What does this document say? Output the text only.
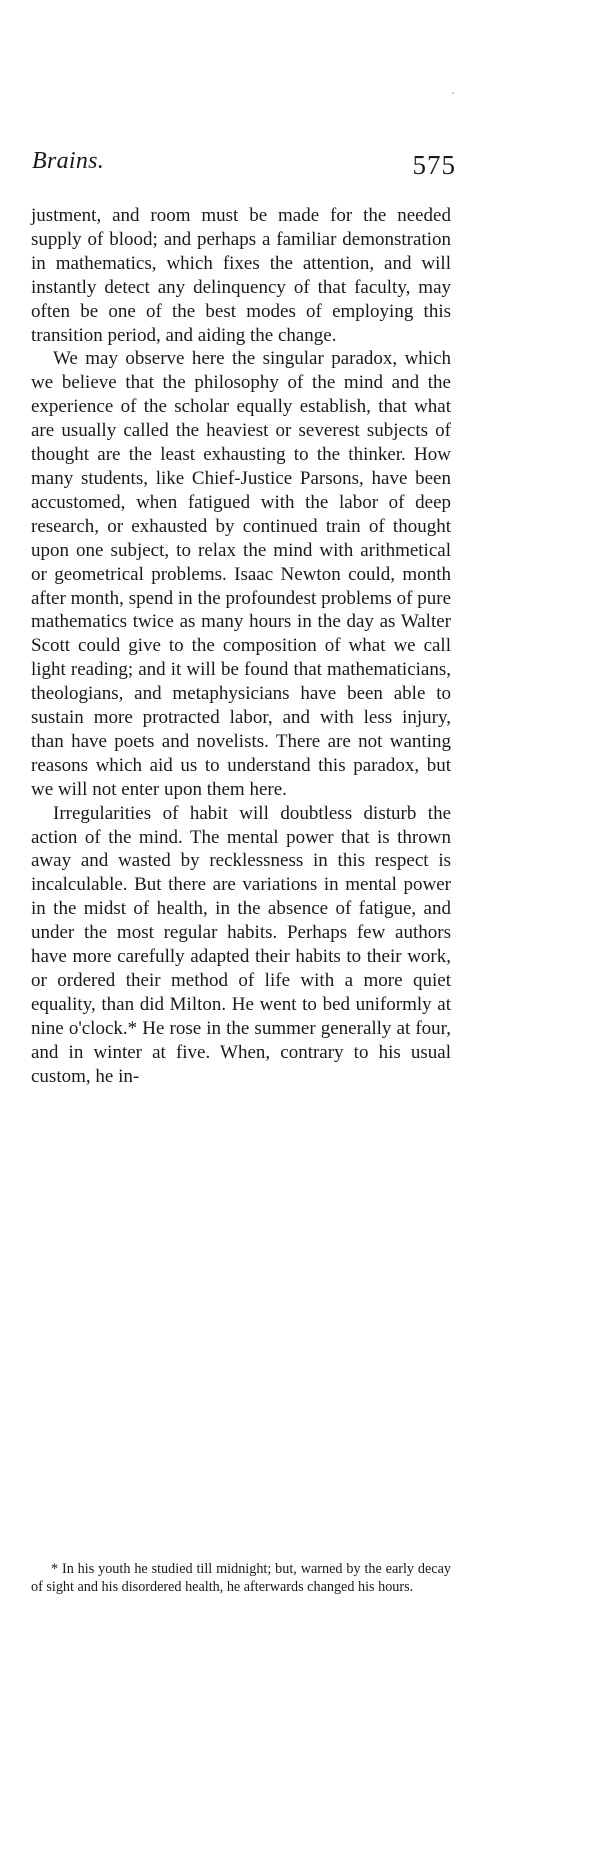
Brains.	575

justment, and room must be made for the needed supply of blood; and perhaps a familiar demonstration in mathematics, which fixes the attention, and will instantly detect any delinquency of that faculty, may often be one of the best modes of employing this transition period, and aiding the change.

We may observe here the singular paradox, which we believe that the philosophy of the mind and the experience of the scholar equally establish, that what are usually called the heaviest or severest subjects of thought are the least exhausting to the thinker. How many students, like Chief-Justice Parsons, have been accustomed, when fatigued with the labor of deep research, or exhausted by continued train of thought upon one subject, to relax the mind with arithmetical or geometrical problems. Isaac Newton could, month after month, spend in the profoundest problems of pure mathematics twice as many hours in the day as Walter Scott could give to the composition of what we call light reading; and it will be found that mathematicians, theologians, and metaphysicians have been able to sustain more protracted labor, and with less injury, than have poets and novelists. There are not wanting reasons which aid us to understand this paradox, but we will not enter upon them here.

Irregularities of habit will doubtless disturb the action of the mind. The mental power that is thrown away and wasted by recklessness in this respect is incalculable. But there are variations in mental power in the midst of health, in the absence of fatigue, and under the most regular habits. Perhaps few authors have more carefully adapted their habits to their work, or ordered their method of life with a more quiet equality, than did Milton. He went to bed uniformly at nine o'clock.* He rose in the summer generally at four, and in winter at five. When, contrary to his usual custom, he in-

* In his youth he studied till midnight; but, warned by the early decay of sight and his disordered health, he afterwards changed his hours.
